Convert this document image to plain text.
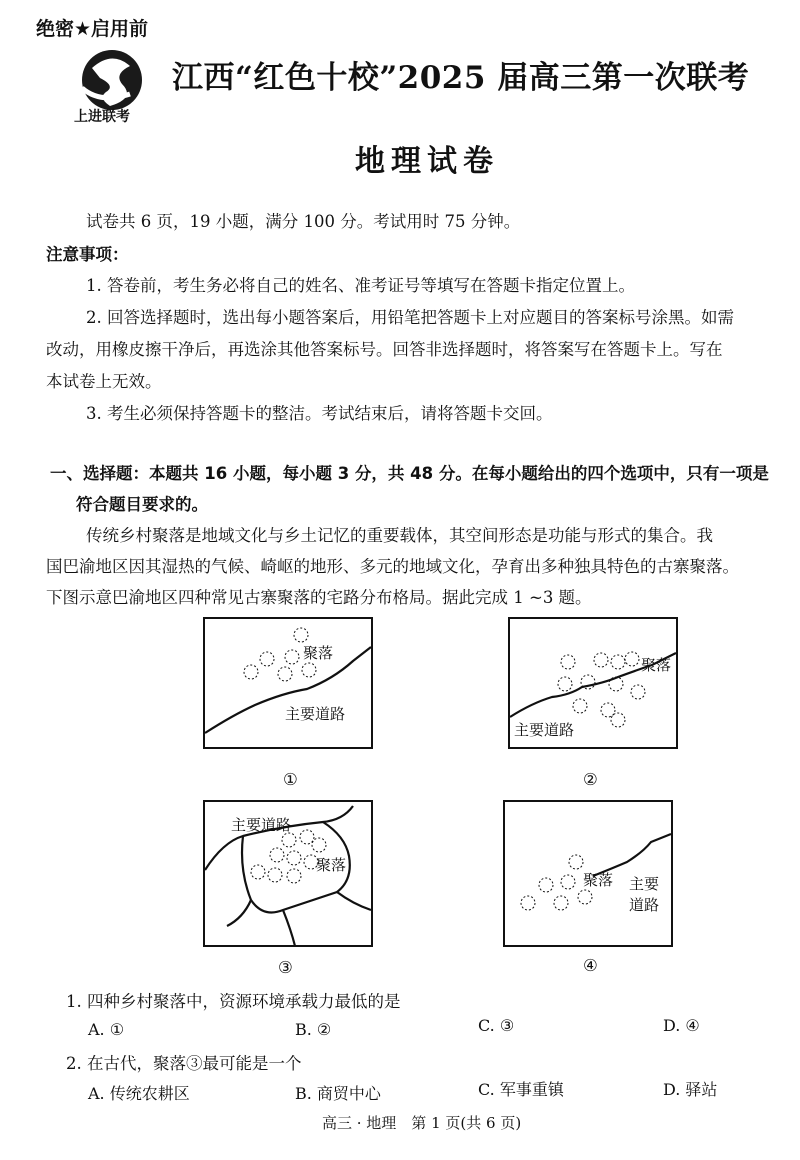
绝密★启用前
上进联考
江西“红色十校”2025 届高三第一次联考
地理试卷
试卷共 6 页，19 小题，满分 100 分。考试用时 75 分钟。
注意事项：
1. 答卷前，考生务必将自己的姓名、准考证号等填写在答题卡指定位置上。
2. 回答选择题时，选出每小题答案后，用铅笔把答题卡上对应题目的答案标号涂黑。如需
改动，用橡皮擦干净后，再选涂其他答案标号。回答非选择题时，将答案写在答题卡上。写在
本试卷上无效。
3. 考生必须保持答题卡的整洁。考试结束后，请将答题卡交回。
一、选择题：本题共 16 小题，每小题 3 分，共 48 分。在每小题给出的四个选项中，只有一项是
符合题目要求的。
传统乡村聚落是地域文化与乡土记忆的重要载体，其空间形态是功能与形式的集合。我
国巴渝地区因其湿热的气候、崎岖的地形、多元的地域文化，孕育出多种独具特色的古寨聚落。
下图示意巴渝地区四种常见古寨聚落的宅路分布格局。据此完成 1 ~3 题。
聚落
主要道路
①
聚落
主要道路
②
主要道路
聚落
③
聚落 主要道路
④
1. 四种乡村聚落中，资源环境承载力最低的是
A. ①	B. ②	C. ③	D. ④
2. 在古代，聚落③最可能是一个
A. 传统农耕区	B. 商贸中心	C. 军事重镇	D. 驿站
高三 · 地理　第 1 页(共 6 页)
